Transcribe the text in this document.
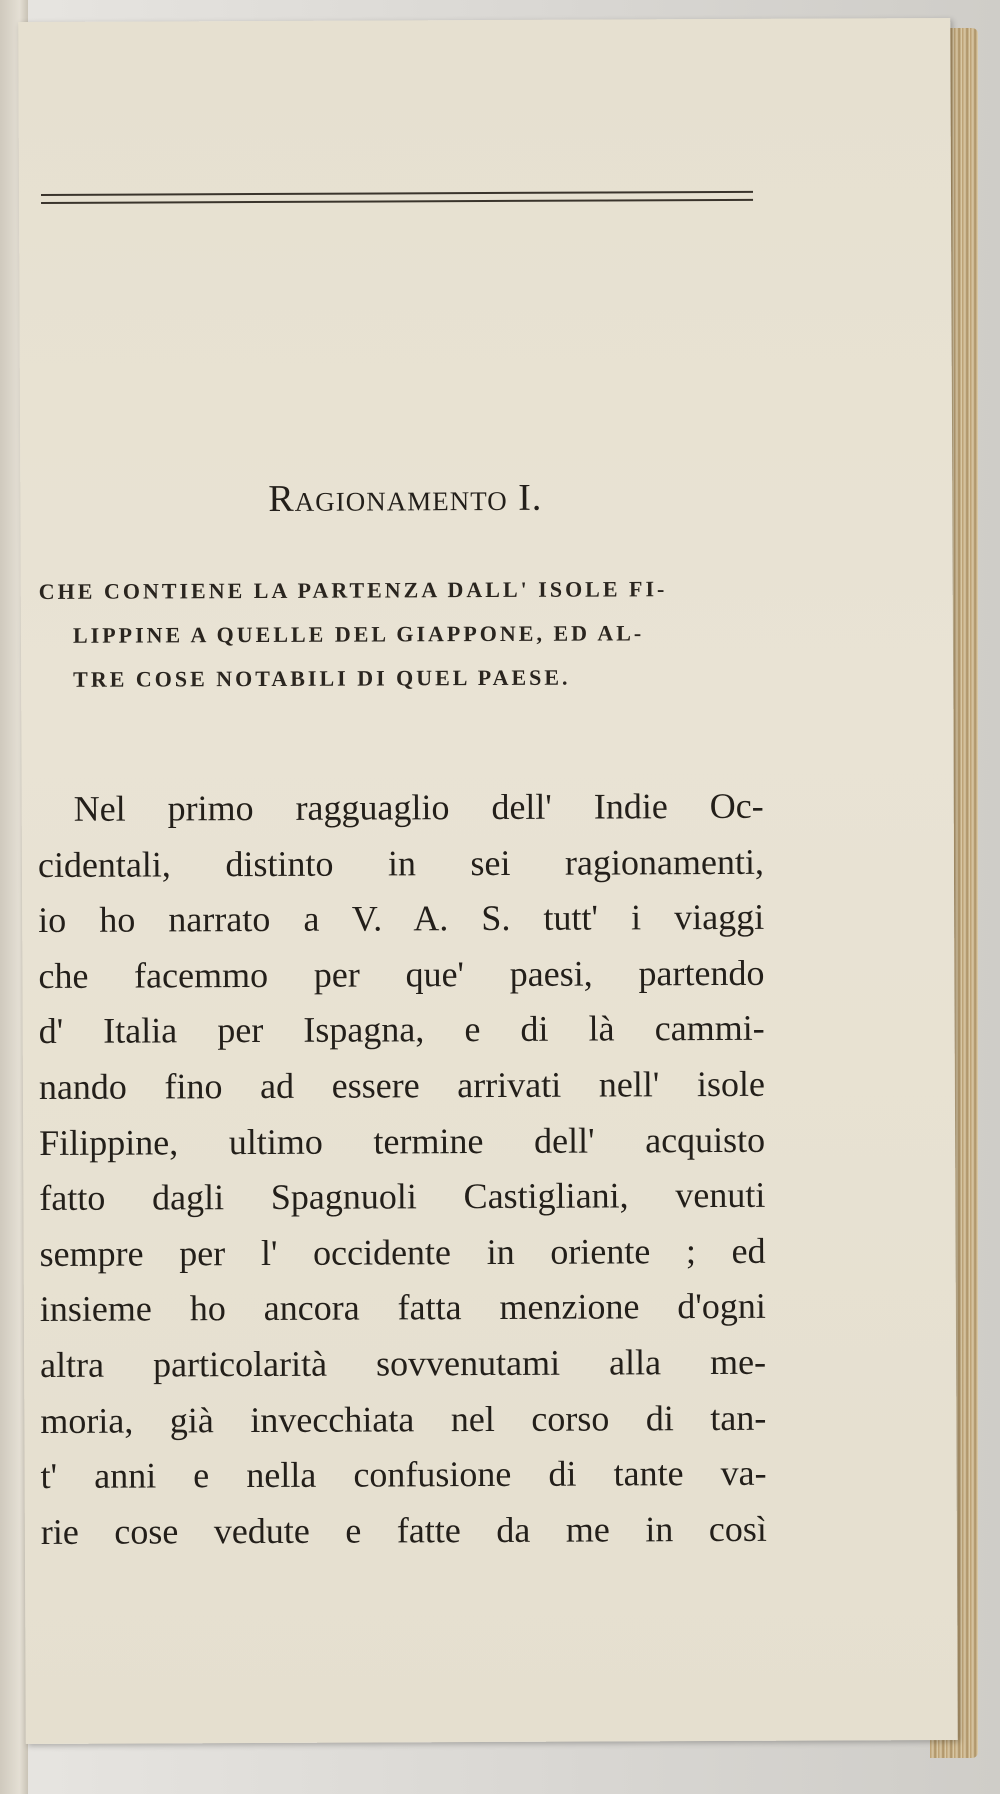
Ragionamento I.
CHE CONTIENE LA PARTENZA DALL' ISOLE FI-
LIPPINE A QUELLE DEL GIAPPONE, ED AL-
TRE COSE NOTABILI DI QUEL PAESE.
Nel primo ragguaglio dell' Indie Oc-
cidentali, distinto in sei ragionamenti,
io ho narrato a V. A. S. tutt' i viaggi
che facemmo per que' paesi, partendo
d' Italia per Ispagna, e di là cammi-
nando fino ad essere arrivati nell' isole
Filippine, ultimo termine dell' acquisto
fatto dagli Spagnuoli Castigliani, venuti
sempre per l' occidente in oriente ; ed
insieme ho ancora fatta menzione d'ogni
altra particolarità sovvenutami alla me-
moria, già invecchiata nel corso di tan-
t' anni e nella confusione di tante va-
rie cose vedute e fatte da me in così
